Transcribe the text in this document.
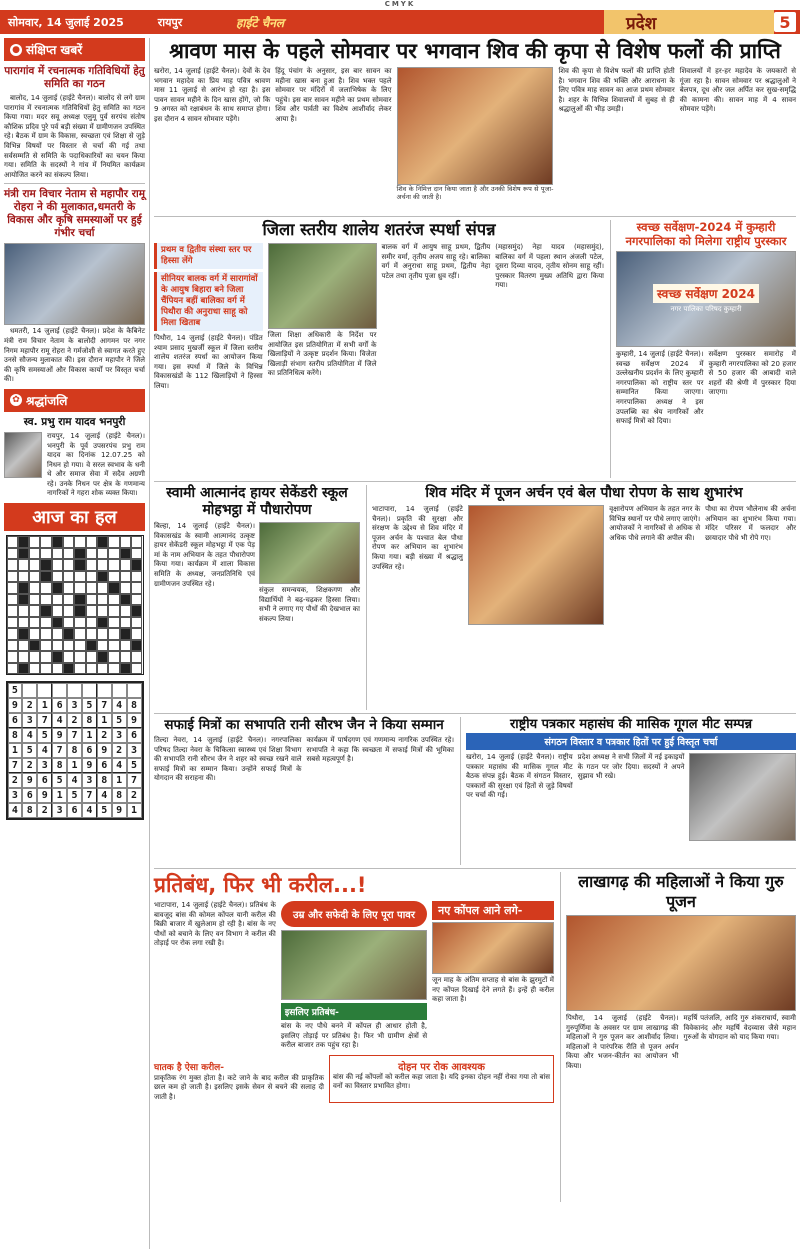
CMYK
सोमवार, 14 जुलाई 2025	रायपुर	हाईटे चैनल	प्रदेश	5
● संक्षिप्त खबरें
पारागांव में रचनात्मक गतिविधियों हेतु समिति का गठन

बालोद, 14 जुलाई (हाईटे चैनल)। बालोद से लगे ग्राम पारागांव में रचनात्मक गतिविधियों हेतु समिति का गठन किया गया। मदर सवू अध्यक्ष एलुमू पुर्व सरपंच संतोष कौशिक प्रदिव पुरे पर्व बड़ी संख्या में ग्रामीणजन उपस्थित रहे। बैठक में ग्राम के विकास, स्वच्छता एवं शिक्षा से जुड़े विभिन्न विषयों पर विस्तार से चर्चा की गई तथा सर्वसम्मति से समिति के पदाधिकारियों का चयन किया गया। समिति के सदस्यों ने गांव में नियमित कार्यक्रम आयोजित करने का संकल्प लिया।

मंत्री राम विचार नेताम से महापौर रामू रोहरा ने की मुलाकात,धमतरी के विकास और कृषि समस्याओं पर हुई गंभीर चर्चा

धमतरी, 14 जुलाई (हाईटे चैनल)। प्रदेश के कैबिनेट मंत्री राम विचार नेताम के बालोदी आगमन पर नगर निगम महापौर रामू रोहरा ने गर्मजोशी से स्वागत करते हुए उनसे सौजन्य मुलाकात की। इस दौरान महापौर ने जिले की कृषि समस्याओं और विकास कार्यों पर विस्तृत चर्चा की।

✿ श्रद्धांजलि
स्व. प्रभु राम यादव भनपुरी
रायपुर, 14 जुलाई (हाईटे चैनल)। भनपुरी के पूर्व उपसरपंच प्रभु राम यादव का दिनांक 12.07.25 को निधन हो गया। वे सरल स्वभाव के धनी थे और समाज सेवा में सदैव अग्रणी रहे। उनके निधन पर क्षेत्र के गणमान्य नागरिकों ने गहरा शोक व्यक्त किया।
आज का हल
5
9 2 1 6 3 5 7 4 8
6 3 7 4 2 8 1 5 9
8 4 5 9 7 1 2 3 6
1 5 4 7 8 6 9 2 3
7 2 3 8 1 9 6 4 5
2 9 6 5 4 3 8 1 7
3 6 9 1 5 7 4 8 2
4 8 2 3 6 4 5 9 1
श्रावण मास के पहले सोमवार पर भगवान शिव की कृपा से विशेष फलों की प्राप्ति
खरोरा, 14 जुलाई (हाईटे चैनल)। देवों के देव भगवान महादेव का प्रिय माह पवित्र श्रावण मास 11 जुलाई से आरंभ हो रहा है। इस पावन सावन महीने के दिन खास होंगे, जो कि 9 अगस्त को रक्षाबंधन के साथ समाप्त होगा। इस दौरान 4 सावन सोमवार पड़ेंगे।
हिंदू पंचांग के अनुसार, इस बार सावन का महीना खास बना हुआ है। शिव भक्त पहले सोमवार पर मंदिरों में जलाभिषेक के लिए पहुंचे। इस बार सावन महीने का प्रथम सोमवार शिव और पार्वती का विशेष आशीर्वाद लेकर आया है।
शिव के निमित्त दान किया जाता है और उनकी विशेष रूप से पूजा-अर्चना की जाती है।
शिव की कृपा से विशेष फलों की प्राप्ति होती है। भगवान शिव की भक्ति और आराधना के लिए पवित्र माह सावन का आज प्रथम सोमवार है। शहर के विभिन्न शिवालयों में सुबह से ही श्रद्धालुओं की भीड़ उमड़ी।
शिवालयों में हर-हर महादेव के जयकारों से गूंजा रहा है। सावन सोमवार पर श्रद्धालुओं ने बेलपत्र, दूध और जल अर्पित कर सुख-समृद्धि की कामना की। सावन माह में 4 सावन सोमवार पड़ेंगे।
जिला स्तरीय शालेय शतरंज स्पर्धा संपन्न
प्रथम व द्वितीय संस्था स्तर पर हिस्सा लेंगे
सीनियर बालक वर्ग में सारागांवों के आयुष बिहारा बने जिला चैंपियन बहीं बालिका वर्ग में पिथौरा की अनुराधा साहू को मिला खिताब
पिथौरा, 14 जुलाई (हाईटे चैनल)। पंडित श्याम प्रसाद मुखर्जी स्कूल में जिला स्तरीय शालेय शतरंज स्पर्धा का आयोजन किया गया। इस स्पर्धा में जिले के विभिन्न विकासखंडों के 112 खिलाड़ियों ने हिस्सा लिया।
जिला शिक्षा अधिकारी के निर्देश पर आयोजित इस प्रतियोगिता में सभी वर्गों के खिलाड़ियों ने उत्कृष्ट प्रदर्शन किया। विजेता खिलाड़ी संभाग स्तरीय प्रतियोगिता में जिले का प्रतिनिधित्व करेंगे।
बालक वर्ग में आयुष साहू प्रथम, द्वितीय समीर वर्मा, तृतीय अजय साहू रहे। बालिका वर्ग में अनुराधा साहू प्रथम, द्वितीय नेहा पटेल तथा तृतीय पूजा ध्रुव रहीं।
(महासमुंद) नेहा यादव (महासमुंद), बालिका वर्ग में पहला स्थान अंजली पटेल, दूसरा दिव्या यादव, तृतीय सोनम साहू रहीं। पुरस्कार वितरण मुख्य अतिथि द्वारा किया गया।
स्वच्छ सर्वेक्षण-2024 में कुम्हारी नगरपालिका को मिलेगा राष्ट्रीय पुरस्कार
स्वच्छ सर्वेक्षण 2024
नगर पालिका परिषद कुम्हारी
कुम्हारी, 14 जुलाई (हाईटे चैनल)। स्वच्छ सर्वेक्षण 2024 में उल्लेखनीय प्रदर्शन के लिए कुम्हारी नगरपालिका को राष्ट्रीय स्तर पर सम्मानित किया जाएगा। नगरपालिका अध्यक्ष ने इस उपलब्धि का श्रेय नागरिकों और सफाई मित्रों को दिया।
सर्वेक्षण पुरस्कार समारोह में कुम्हारी नगरपालिका को 20 हजार से 50 हजार की आबादी वाले शहरों की श्रेणी में पुरस्कार दिया जाएगा।
स्वामी आत्मानंद हायर सेकेंडरी स्कूल मोहभट्ठा में पौधारोपण
बिल्हा, 14 जुलाई (हाईटे चैनल)। विकासखंड के स्वामी आत्मानंद उत्कृष्ट हायर सेकेंडरी स्कूल मोहभट्ठा में एक पेड़ मां के नाम अभियान के तहत पौधारोपण किया गया। कार्यक्रम में शाला विकास समिति के अध्यक्ष, जनप्रतिनिधि एवं ग्रामीणजन उपस्थित रहे।
संकुल समन्वयक, शिक्षकगण और विद्यार्थियों ने बढ़-चढ़कर हिस्सा लिया। सभी ने लगाए गए पौधों की देखभाल का संकल्प लिया।
शिव मंदिर में पूजन अर्चन एवं बेल पौधा रोपण के साथ शुभारंभ
भाटापारा, 14 जुलाई (हाईटे चैनल)। प्रकृति की सुरक्षा और संरक्षण के उद्देश्य से शिव मंदिर में पूजन अर्चन के पश्चात बेल पौधा रोपण कर अभियान का शुभारंभ किया गया। बड़ी संख्या में श्रद्धालु उपस्थित रहे।
वृक्षारोपण अभियान के तहत नगर के विभिन्न स्थानों पर पौधे लगाए जाएंगे। आयोजकों ने नागरिकों से अधिक से अधिक पौधे लगाने की अपील की।
पौधा का रोपण भौलेनाथ की अर्चना अभियान का शुभारंभ किया गया। मंदिर परिसर में फलदार और छायादार पौधे भी रोपे गए।
सफाई मित्रों का सभापति रानी सौरभ जैन ने किया सम्मान
तिल्दा नेवरा, 14 जुलाई (हाईटे चैनल)। नगरपालिका परिषद तिल्दा नेवरा के चिकित्सा स्वास्थ्य एवं शिक्षा विभाग की सभापति रानी सौरभ जैन ने शहर को स्वच्छ रखने वाले सफाई मित्रों का सम्मान किया। उन्होंने सफाई मित्रों के योगदान की सराहना की।
कार्यक्रम में पार्षदगण एवं गणमान्य नागरिक उपस्थित रहे। सभापति ने कहा कि स्वच्छता में सफाई मित्रों की भूमिका सबसे महत्वपूर्ण है।
राष्ट्रीय पत्रकार महासंघ की मासिक गूगल मीट सम्पन्न
संगठन विस्तार व पत्रकार हितों पर हुई विस्तृत चर्चा
खरोरा, 14 जुलाई (हाईटे चैनल)। राष्ट्रीय पत्रकार महासंघ की मासिक गूगल मीट बैठक संपन्न हुई। बैठक में संगठन विस्तार, पत्रकारों की सुरक्षा एवं हितों से जुड़े विषयों पर चर्चा की गई।
प्रदेश अध्यक्ष ने सभी जिलों में नई इकाइयों के गठन पर जोर दिया। सदस्यों ने अपने सुझाव भी रखे।
प्रतिबंध, फिर भी करील...!
भाटापारा, 14 जुलाई (हाईटे चैनल)। प्रतिबंध के बावजूद बांस की कोमल कोंपल यानी करील की बिक्री बाजार में खुलेआम हो रही है। बांस के नए पौधों को बचाने के लिए वन विभाग ने करील की तोड़ाई पर रोक लगा रखी है।
उम्र और सफेदी के लिए पूरा पावर
इसलिए प्रतिबंध-
बांस के नए पौधे बनने में कोंपल ही आधार होती है, इसलिए तोड़ाई पर प्रतिबंध है। फिर भी ग्रामीण क्षेत्रों से करील बाजार तक पहुंच रहा है।
नए कोंपल आने लगे-
जून माह के अंतिम सप्ताह से बांस के झुरमुटों में नए कोंपल दिखाई देने लगते हैं। इन्हें ही करील कहा जाता है।
घातक है ऐसा करील-
प्राकृतिक रंग मुक्त होता है। कटे जाने के बाद करील की प्राकृतिक छाल कम हो जाती है। इसलिए इसके सेवन से बचने की सलाह दी जाती है।
दोहन पर रोक आवश्यक
बांस की नई कोंपलों को करील कहा जाता है। यदि इनका दोहन नहीं रोका गया तो बांस वनों का विस्तार प्रभावित होगा।
लाखागढ़ की महिलाओं ने किया गुरु पूजन
पिथौरा, 14 जुलाई (हाईटे चैनल)। गुरुपूर्णिमा के अवसर पर ग्राम लाखागढ़ की महिलाओं ने गुरु पूजन कर आशीर्वाद लिया। महिलाओं ने पारंपरिक रीति से पूजन अर्चन किया और भजन-कीर्तन का आयोजन भी किया।
महर्षि पतंजलि, आदि गुरु शंकराचार्य, स्वामी विवेकानंद और महर्षि वेदव्यास जैसे महान गुरुओं के योगदान को याद किया गया।
